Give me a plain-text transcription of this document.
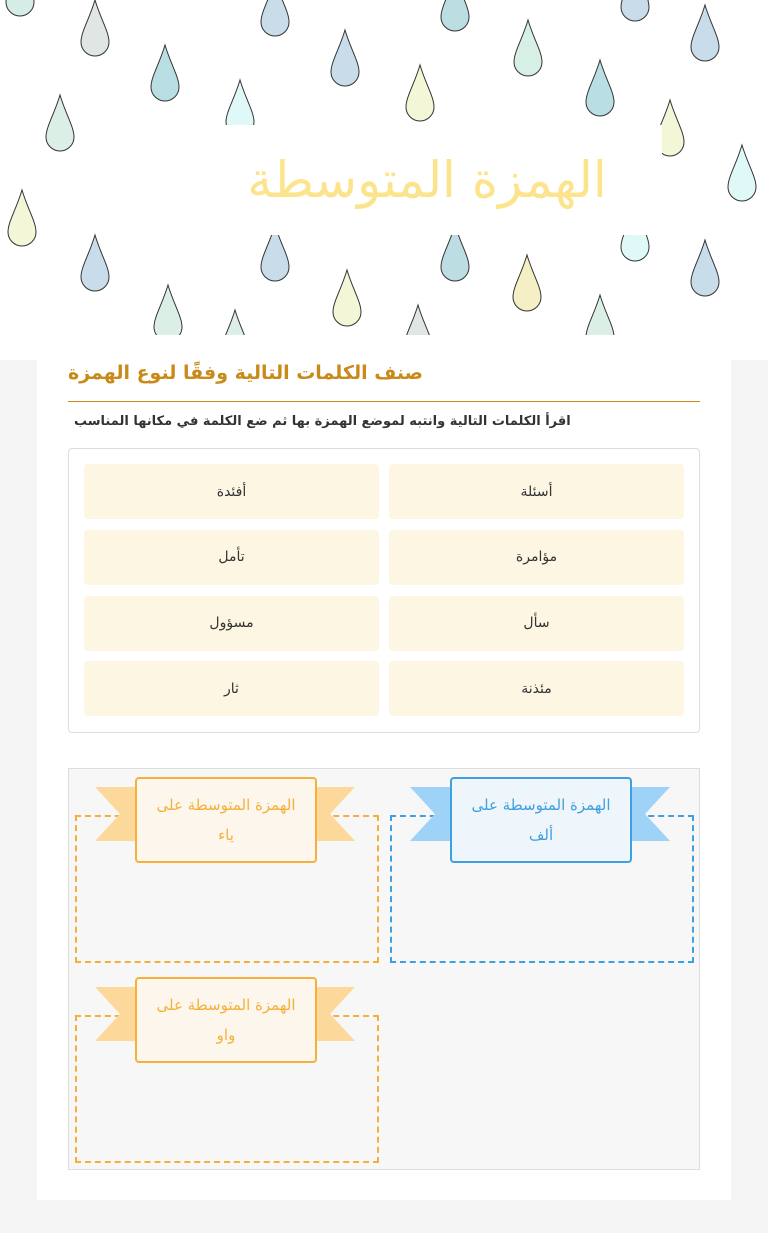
الهمزة المتوسطة
صنف الكلمات التالية وفقًا لنوع الهمزة
اقرأ الكلمات التالية وانتبه لموضع الهمزة بها ثم ضع الكلمة في مكانها المناسب
أسئلة
أفئدة
مؤامرة
تأمل
سأل
مسؤول
مئذنة
ثار
الهمزة المتوسطة على ألف
الهمزة المتوسطة على ياء
الهمزة المتوسطة على واو
